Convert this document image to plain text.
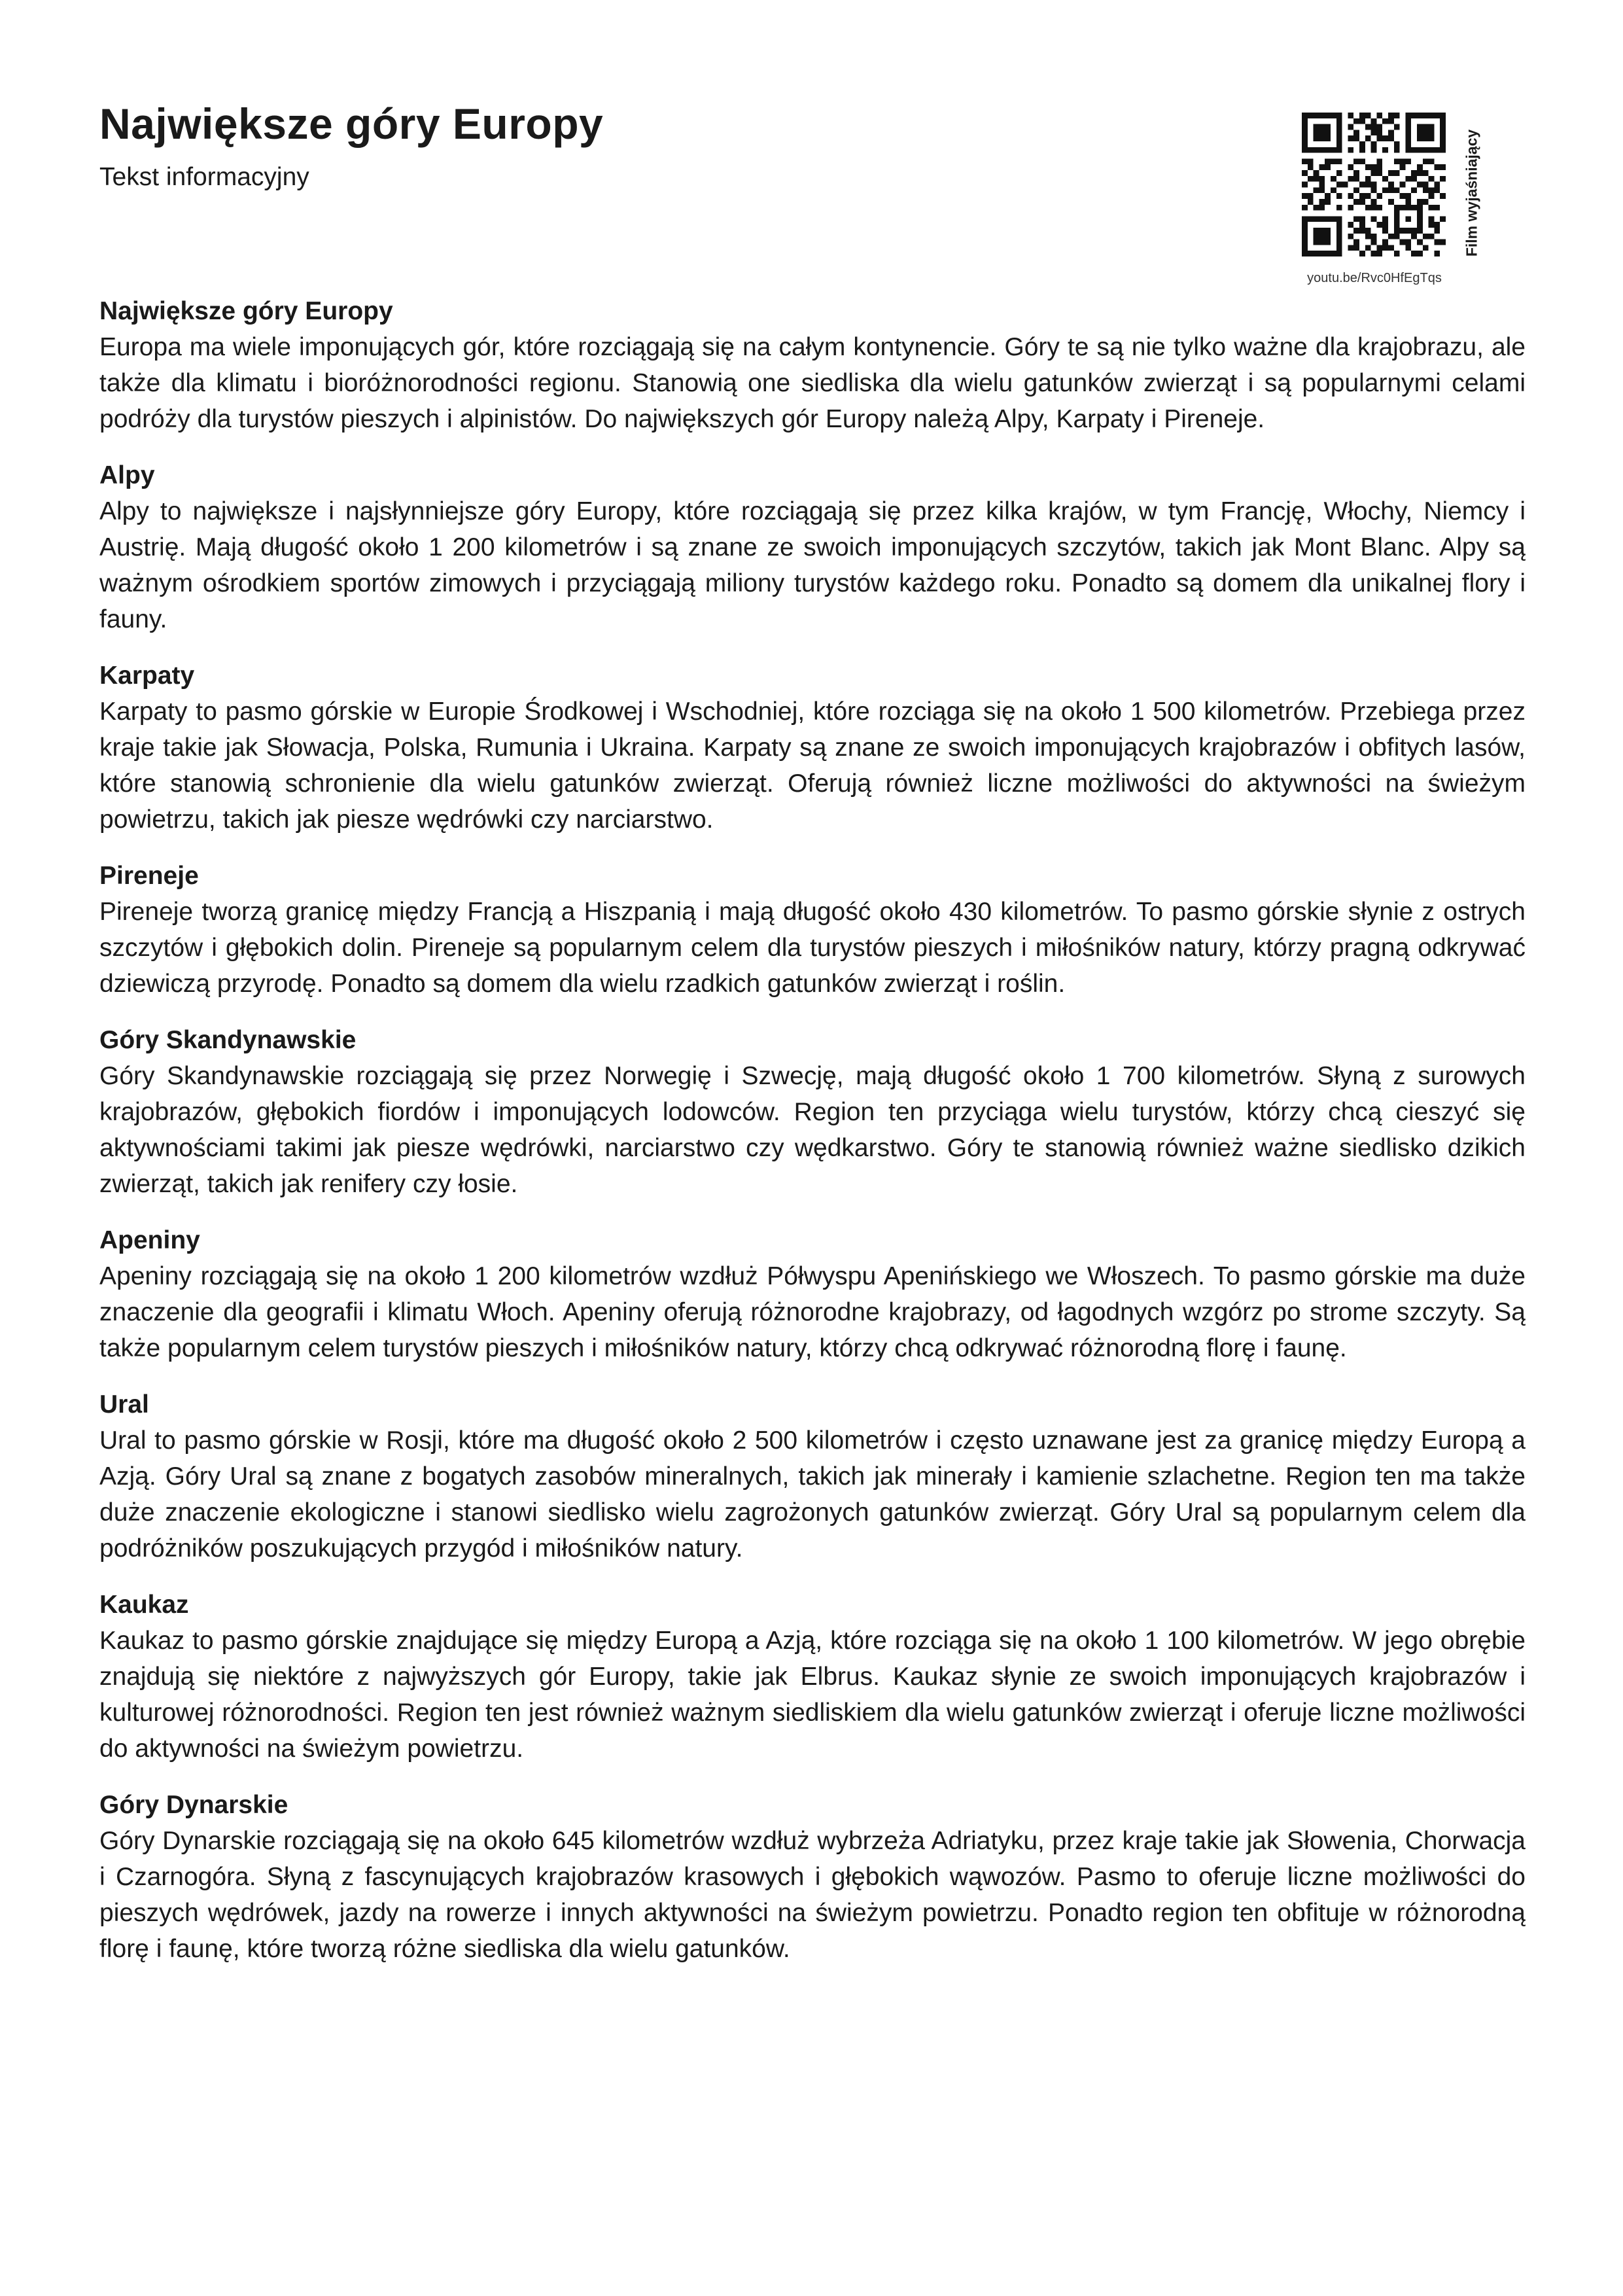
Największe góry Europy

Tekst informacyjny

youtu.be/Rvc0HfEgTqs
Film wyjaśniający
Największe góry Europy

Europa ma wiele imponujących gór, które rozciągają się na całym kontynencie. Góry te są nie tylko ważne dla krajobrazu, ale także dla klimatu i bioróżnorodności regionu. Stanowią one siedliska dla wielu gatunków zwierząt i są popularnymi celami podróży dla turystów pieszych i alpinistów. Do największych gór Europy należą Alpy, Karpaty i Pireneje.

Alpy

Alpy to największe i najsłynniejsze góry Europy, które rozciągają się przez kilka krajów, w tym Francję, Włochy, Niemcy i Austrię. Mają długość około 1 200 kilometrów i są znane ze swoich imponujących szczytów, takich jak Mont Blanc. Alpy są ważnym ośrodkiem sportów zimowych i przyciągają miliony turystów każdego roku. Ponadto są domem dla unikalnej flory i fauny.

Karpaty

Karpaty to pasmo górskie w Europie Środkowej i Wschodniej, które rozciąga się na około 1 500 kilometrów. Przebiega przez kraje takie jak Słowacja, Polska, Rumunia i Ukraina. Karpaty są znane ze swoich imponujących krajobrazów i obfitych lasów, które stanowią schronienie dla wielu gatunków zwierząt. Oferują również liczne możliwości do aktywności na świeżym powietrzu, takich jak piesze wędrówki czy narciarstwo.

Pireneje

Pireneje tworzą granicę między Francją a Hiszpanią i mają długość około 430 kilometrów. To pasmo górskie słynie z ostrych szczytów i głębokich dolin. Pireneje są popularnym celem dla turystów pieszych i miłośników natury, którzy pragną odkrywać dziewiczą przyrodę. Ponadto są domem dla wielu rzadkich gatunków zwierząt i roślin.

Góry Skandynawskie

Góry Skandynawskie rozciągają się przez Norwegię i Szwecję, mają długość około 1 700 kilometrów. Słyną z surowych krajobrazów, głębokich fiordów i imponujących lodowców. Region ten przyciąga wielu turystów, którzy chcą cieszyć się aktywnościami takimi jak piesze wędrówki, narciarstwo czy wędkarstwo. Góry te stanowią również ważne siedlisko dzikich zwierząt, takich jak renifery czy łosie.

Apeniny

Apeniny rozciągają się na około 1 200 kilometrów wzdłuż Półwyspu Apenińskiego we Włoszech. To pasmo górskie ma duże znaczenie dla geografii i klimatu Włoch. Apeniny oferują różnorodne krajobrazy, od łagodnych wzgórz po strome szczyty. Są także popularnym celem turystów pieszych i miłośników natury, którzy chcą odkrywać różnorodną florę i faunę.

Ural

Ural to pasmo górskie w Rosji, które ma długość około 2 500 kilometrów i często uznawane jest za granicę między Europą a Azją. Góry Ural są znane z bogatych zasobów mineralnych, takich jak minerały i kamienie szlachetne. Region ten ma także duże znaczenie ekologiczne i stanowi siedlisko wielu zagrożonych gatunków zwierząt. Góry Ural są popularnym celem dla podróżników poszukujących przygód i miłośników natury.

Kaukaz

Kaukaz to pasmo górskie znajdujące się między Europą a Azją, które rozciąga się na około 1 100 kilometrów. W jego obrębie znajdują się niektóre z najwyższych gór Europy, takie jak Elbrus. Kaukaz słynie ze swoich imponujących krajobrazów i kulturowej różnorodności. Region ten jest również ważnym siedliskiem dla wielu gatunków zwierząt i oferuje liczne możliwości do aktywności na świeżym powietrzu.

Góry Dynarskie

Góry Dynarskie rozciągają się na około 645 kilometrów wzdłuż wybrzeża Adriatyku, przez kraje takie jak Słowenia, Chorwacja i Czarnogóra. Słyną z fascynujących krajobrazów krasowych i głębokich wąwozów. Pasmo to oferuje liczne możliwości do pieszych wędrówek, jazdy na rowerze i innych aktywności na świeżym powietrzu. Ponadto region ten obfituje w różnorodną florę i faunę, które tworzą różne siedliska dla wielu gatunków.
